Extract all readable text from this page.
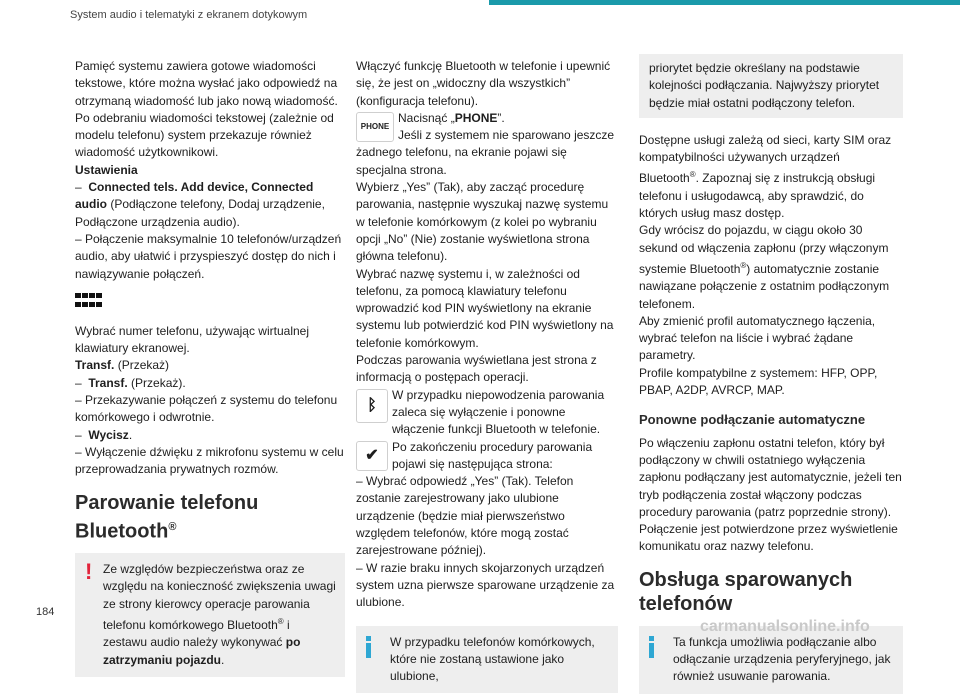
System audio i telematyki z ekranem dotykowym

Pamięć systemu zawiera gotowe wiadomości tekstowe, które można wysłać jako odpowiedź na otrzymaną wiadomość lub jako nową wiadomość.

Po odebraniu wiadomości tekstowej (zależnie od modelu telefonu) system przekazuje również wiadomość użytkownikowi.

Ustawienia

–  Connected tels. Add device, Connected audio (Podłączone telefony, Dodaj urządzenie, Podłączone urządzenia audio).

– Połączenie maksymalnie 10 telefonów/urządzeń audio, aby ułatwić i przyspieszyć dostęp do nich i nawiązywanie połączeń.

Wybrać numer telefonu, używając wirtualnej klawiatury ekranowej.

Transf. (Przekaż)

–  Transf. (Przekaż).

– Przekazywanie połączeń z systemu do telefonu komórkowego i odwrotnie.

–  Wycisz.

– Wyłączenie dźwięku z mikrofonu systemu w celu przeprowadzania prywatnych rozmów.

Parowanie telefonu Bluetooth®
! Ze względów bezpieczeństwa oraz ze względu na konieczność zwiększenia uwagi ze strony kierowcy operacje parowania telefonu komórkowego Bluetooth® i zestawu audio należy wykonywać po zatrzymaniu pojazdu.

Włączyć funkcję Bluetooth w telefonie i upewnić się, że jest on „widoczny dla wszystkich” (konfiguracja telefonu).

PHONE
Nacisnąć „PHONE”.
Jeśli z systemem nie sparowano jeszcze żadnego telefonu, na ekranie pojawi się specjalna strona.

Wybierz „Yes” (Tak), aby zacząć procedurę parowania, następnie wyszukaj nazwę systemu w telefonie komórkowym (z kolei po wybraniu opcji „No” (Nie) zostanie wyświetlona strona główna telefonu).

Wybrać nazwę systemu i, w zależności od telefonu, za pomocą klawiatury telefonu wprowadzić kod PIN wyświetlony na ekranie systemu lub potwierdzić kod PIN wyświetlony na telefonie komórkowym.

Podczas parowania wyświetlana jest strona z informacją o postępach operacji.

ᛒ
W przypadku niepowodzenia parowania zaleca się wyłączenie i ponowne włączenie funkcji Bluetooth w telefonie.

✔	Po zakończeniu procedury parowania pojawi się następująca strona:

– Wybrać odpowiedź „Yes” (Tak). Telefon zostanie zarejestrowany jako ulubione urządzenie (będzie miał pierwszeństwo względem telefonów, które mogą zostać zarejestrowane później).

– W razie braku innych skojarzonych urządzeń system uzna pierwsze sparowane urządzenie za ulubione.

W przypadku telefonów komórkowych, które nie zostaną ustawione jako ulubione,
priorytet będzie określany na podstawie kolejności podłączania. Najwyższy priorytet będzie miał ostatni podłączony telefon.

Dostępne usługi zależą od sieci, karty SIM oraz kompatybilności używanych urządzeń Bluetooth®. Zapoznaj się z instrukcją obsługi telefonu i usługodawcą, aby sprawdzić, do których usług masz dostęp.

Gdy wrócisz do pojazdu, w ciągu około 30 sekund od włączenia zapłonu (przy włączonym systemie Bluetooth®) automatycznie zostanie nawiązane połączenie z ostatnim podłączonym telefonem.

Aby zmienić profil automatycznego łączenia, wybrać telefon na liście i wybrać żądane parametry.

Profile kompatybilne z systemem: HFP, OPP, PBAP, A2DP, AVRCP, MAP.

Ponowne podłączanie automatyczne

Po włączeniu zapłonu ostatni telefon, który był podłączony w chwili ostatniego wyłączenia zapłonu podłączany jest automatycznie, jeżeli ten tryb podłączenia został włączony podczas procedury parowania (patrz poprzednie strony).

Połączenie jest potwierdzone przez wyświetlenie komunikatu oraz nazwy telefonu.

Obsługa sparowanych telefonów
Ta funkcja umożliwia podłączanie albo odłączanie urządzenia peryferyjnego, jak również usuwanie parowania.
184
carmanualsonline.info
